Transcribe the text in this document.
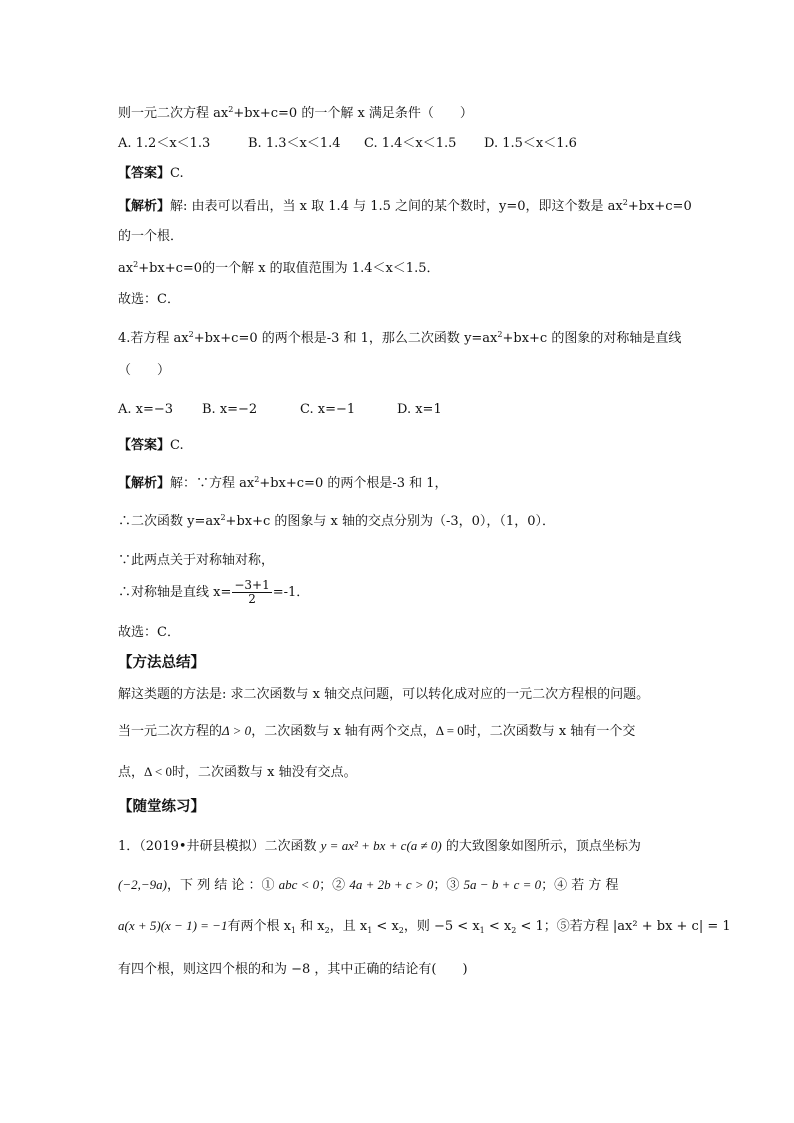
则一元二次方程 $ax^2+bx+c=0$ 的一个解 x 满足条件（　　）
A. 1.2＜x＜1.3	B. 1.3＜x＜1.4 C. 1.4＜x＜1.5 D. 1.5＜x＜1.6
【答案】C.
【解析】解: 由表可以看出，当 x 取 1.4 与 1.5 之间的某个数时，y=0，即这个数是 $ax^2+bx+c=0$
的一个根．
$ax^2+bx+c=0$的一个解 x 的取值范围为 1.4＜x＜1.5．
故选：C．
4.若方程 $ax^2+bx+c=0$ 的两个根是-3 和 1，那么二次函数 $y=ax^2+bx+c$ 的图象的对称轴是直线
（　　）
A. x=−3 B. x=−2	C. x=−1	D. x=1
【答案】C.
【解析】解：∵方程 $ax^2+bx+c=0$ 的两个根是-3 和 1，
∴二次函数 $y=ax^2+bx+c$ 的图象与 x 轴的交点分别为（-3，0），（1，0）．
∵此两点关于对称轴对称，
∴对称轴是直线 $x= \frac{-3+1}{2} =-1$．
故选：C．
【方法总结】
解这类题的方法是: 求二次函数与 x 轴交点问题，可以转化成对应的一元二次方程根的问题。
当一元二次方程的Δ > 0，二次函数与 x 轴有两个交点，Δ = 0时，二次函数与 x 轴有一个交
点，Δ < 0时，二次函数与 x 轴没有交点。
【随堂练习】
1．（2019•井研县模拟）二次函数 y = ax² + bx + c(a ≠ 0) 的大致图象如图所示，顶点坐标为
(−2,−9a)，下 列 结 论 ：① abc < 0；② 4a + 2b + c > 0；③ 5a − b + c = 0；④ 若 方 程
a(x + 5)(x − 1) = −1有两个根 $x_1$ 和 $x_2$，且 $x_1 < x_2$，则 $-5 < x_1 < x_2 < 1$；⑤若方程 |ax² + bx + c| = 1
有四个根，则这四个根的和为 −8 ，其中正确的结论有(　　)
